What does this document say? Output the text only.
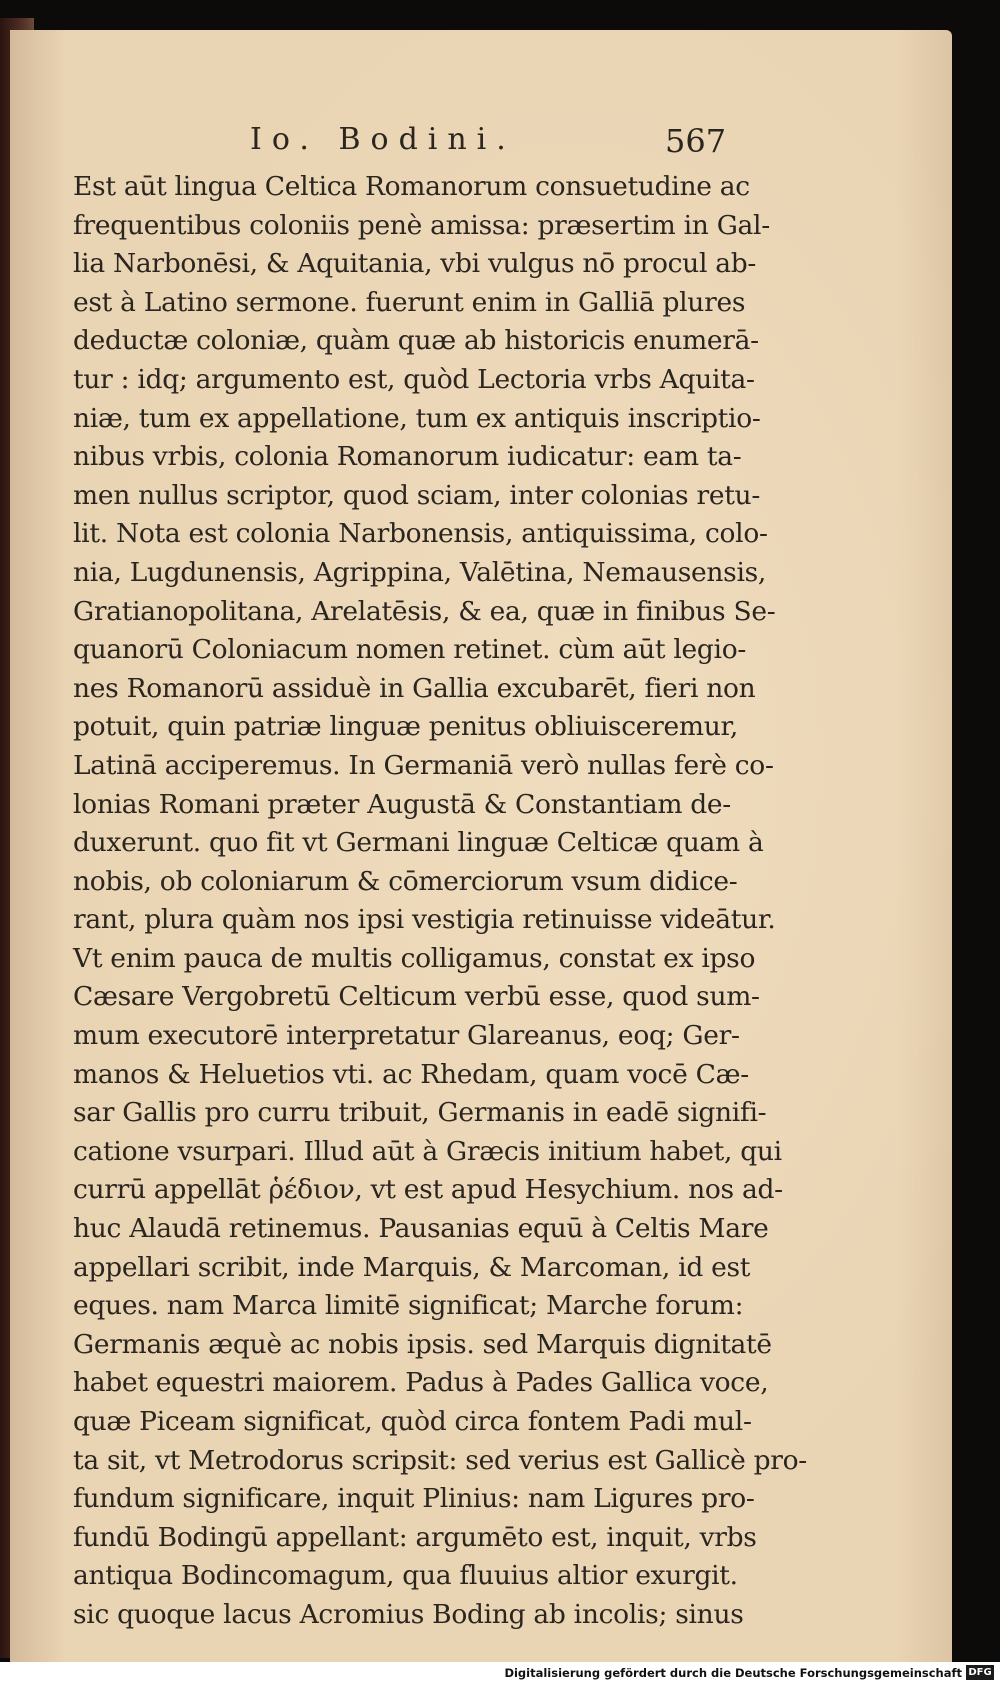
Io. Bodini.	567
Est aūt lingua Celtica Romanorum consuetudine ac
frequentibus coloniis penè amissa: præsertim in Gal-
lia Narbonēsi, & Aquitania, vbi vulgus nō procul ab-
est à Latino sermone. fuerunt enim in Galliā plures
deductæ coloniæ, quàm quæ ab historicis enumerā-
tur : idq; argumento est, quòd Lectoria vrbs Aquita-
niæ, tum ex appellatione, tum ex antiquis inscriptio-
nibus vrbis, colonia Romanorum iudicatur: eam ta-
men nullus scriptor, quod sciam, inter colonias retu-
lit. Nota est colonia Narbonensis, antiquissima, colo-
nia, Lugdunensis, Agrippina, Valētina, Nemausensis,
Gratianopolitana, Arelatēsis, & ea, quæ in finibus Se-
quanorū Coloniacum nomen retinet. cùm aūt legio-
nes Romanorū assiduè in Gallia excubarēt, fieri non
potuit, quin patriæ linguæ penitus obliuisceremur,
Latinā acciperemus. In Germaniā verò nullas ferè co-
lonias Romani præter Augustā & Constantiam de-
duxerunt. quo fit vt Germani linguæ Celticæ quam à
nobis, ob coloniarum & cōmerciorum vsum didice-
rant, plura quàm nos ipsi vestigia retinuisse videātur.
Vt enim pauca de multis colligamus, constat ex ipso
Cæsare Vergobretū Celticum verbū esse, quod sum-
mum executorē interpretatur Glareanus, eoq; Ger-
manos & Heluetios vti. ac Rhedam, quam vocē Cæ-
sar Gallis pro curru tribuit, Germanis in eadē signifi-
catione vsurpari. Illud aūt à Græcis initium habet, qui
currū appellāt ῥέδιον, vt est apud Hesychium. nos ad-
huc Alaudā retinemus. Pausanias equū à Celtis Mare
appellari scribit, inde Marquis, & Marcoman, id est
eques. nam Marca limitē significat; Marche forum:
Germanis æquè ac nobis ipsis. sed Marquis dignitatē
habet equestri maiorem. Padus à Pades Gallica voce,
quæ Piceam significat, quòd circa fontem Padi mul-
ta sit, vt Metrodorus scripsit: sed verius est Gallicè pro-
fundum significare, inquit Plinius: nam Ligures pro-
fundū Bodingū appellant: argumēto est, inquit, vrbs
antiqua Bodincomagum, qua fluuius altior exurgit.
sic quoque lacus Acromius Boding ab incolis; sinus
Digitalisierung gefördert durch die Deutsche Forschungsgemeinschaft DFG
